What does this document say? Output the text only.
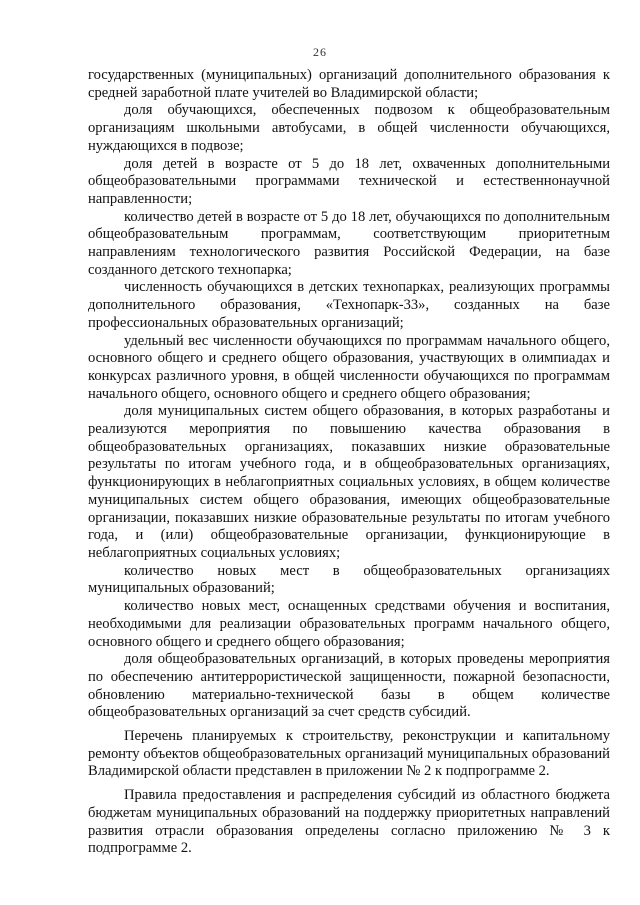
26

государственных (муниципальных) организаций дополнительного образования к средней заработной плате учителей во Владимирской области;

доля обучающихся, обеспеченных подвозом к общеобразовательным организациям школьными автобусами, в общей численности обучающихся, нуждающихся в подвозе;

доля детей в возрасте от 5 до 18 лет, охваченных дополнительными общеобразовательными программами технической и естественнонаучной направленности;

количество детей в возрасте от 5 до 18 лет, обучающихся по дополнительным общеобразовательным программам, соответствующим приоритетным направлениям технологического развития Российской Федерации, на базе созданного детского технопарка;

численность обучающихся в детских технопарках, реализующих программы дополнительного образования, «Технопарк-33», созданных на базе профессиональных образовательных организаций;

удельный вес численности обучающихся по программам начального общего, основного общего и среднего общего образования, участвующих в олимпиадах и конкурсах различного уровня, в общей численности обучающихся по программам начального общего, основного общего и среднего общего образования;

доля муниципальных систем общего образования, в которых разработаны и реализуются мероприятия по повышению качества образования в общеобразовательных организациях, показавших низкие образовательные результаты по итогам учебного года, и в общеобразовательных организациях, функционирующих в неблагоприятных социальных условиях, в общем количестве муниципальных систем общего образования, имеющих общеобразовательные организации, показавших низкие образовательные результаты по итогам учебного года, и (или) общеобразовательные организации, функционирующие в неблагоприятных социальных условиях;

количество новых мест в общеобразовательных организациях муниципальных образований;

количество новых мест, оснащенных средствами обучения и воспитания, необходимыми для реализации образовательных программ начального общего, основного общего и среднего общего образования;

доля общеобразовательных организаций, в которых проведены мероприятия по обеспечению антитеррористической защищенности, пожарной безопасности, обновлению материально-технической базы в общем количестве общеобразовательных организаций за счет средств субсидий.

Перечень планируемых к строительству, реконструкции и капитальному ремонту объектов общеобразовательных организаций муниципальных образований Владимирской области представлен в приложении № 2 к подпрограмме 2.

Правила предоставления и распределения субсидий из областного бюджета бюджетам муниципальных образований на поддержку приоритетных направлений развития отрасли образования определены согласно приложению № 3 к подпрограмме 2.
